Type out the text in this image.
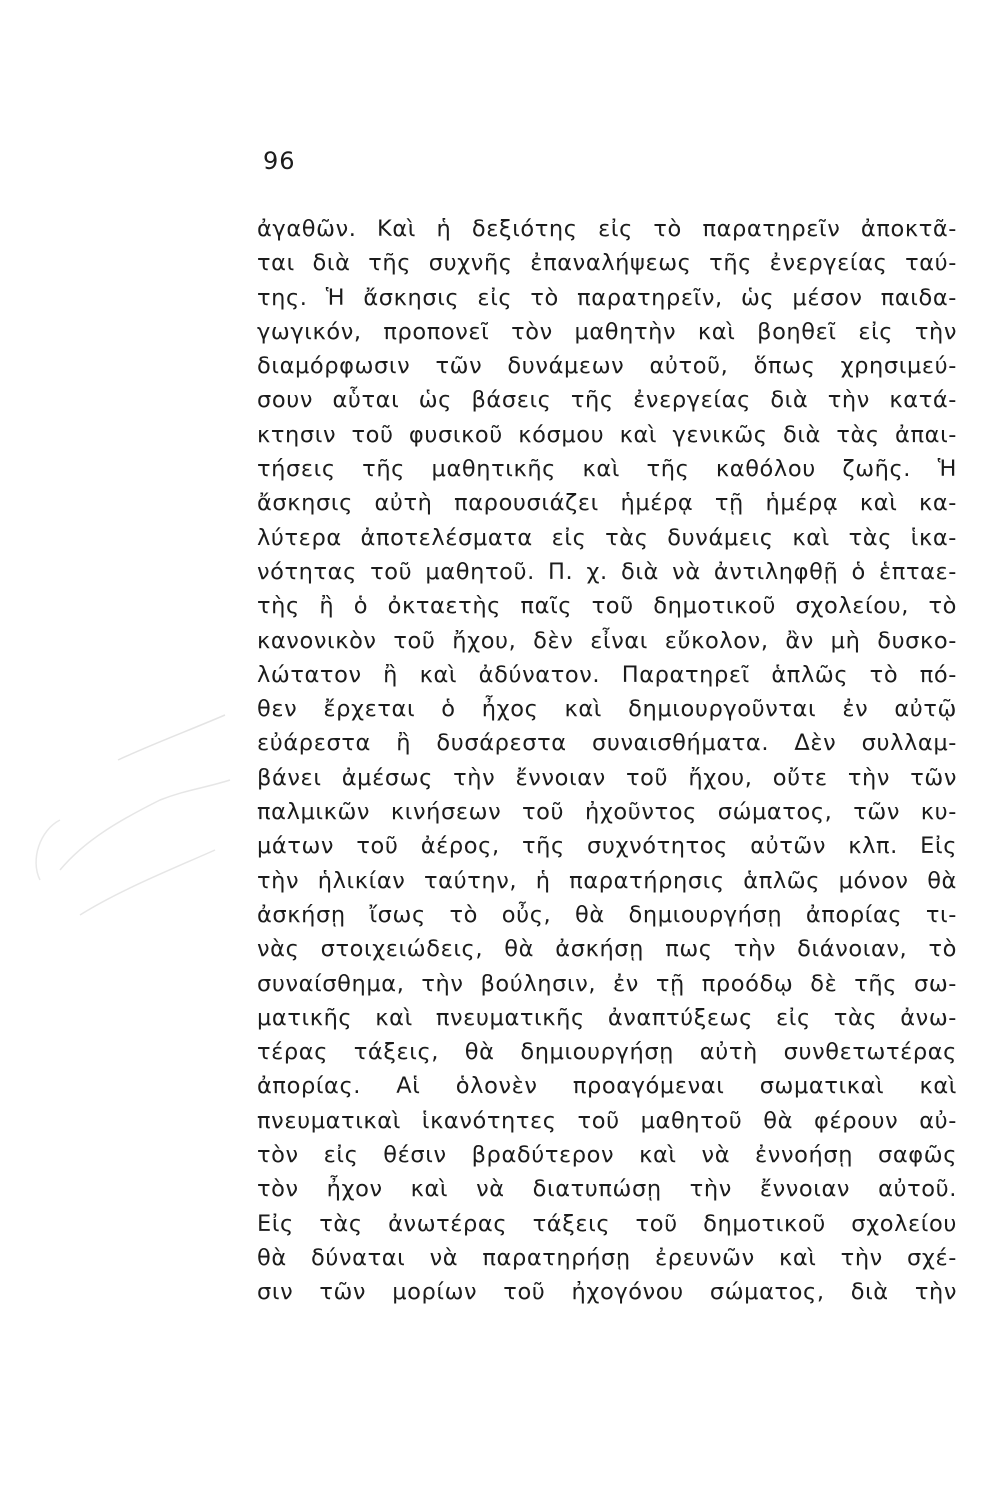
96
ἀγαθῶν. Καὶ ἡ δεξιότης εἰς τὸ παρατηρεῖν ἀποκτᾶ-
ται διὰ τῆς συχνῆς ἐπαναλήψεως τῆς ἐνεργείας ταύ-
της. Ἡ ἄσκησις εἰς τὸ παρατηρεῖν, ὡς μέσον παιδα-
γωγικόν, προπονεῖ τὸν μαθητὴν καὶ βοηθεῖ εἰς τὴν
διαμόρφωσιν τῶν δυνάμεων αὐτοῦ, ὅπως χρησιμεύ-
σουν αὗται ὡς βάσεις τῆς ἐνεργείας διὰ τὴν κατά-
κτησιν τοῦ φυσικοῦ κόσμου καὶ γενικῶς διὰ τὰς ἀπαι-
τήσεις τῆς μαθητικῆς καὶ τῆς καθόλου ζωῆς. Ἡ
ἄσκησις αὐτὴ παρουσιάζει ἡμέρᾳ τῇ ἡμέρᾳ καὶ κα-
λύτερα ἀποτελέσματα εἰς τὰς δυνάμεις καὶ τὰς ἱκα-
νότητας τοῦ μαθητοῦ. Π. χ. διὰ νὰ ἀντιληφθῇ ὁ ἑπταε-
τὴς ἢ ὁ ὀκταετὴς παῖς τοῦ δημοτικοῦ σχολείου, τὸ
κανονικὸν τοῦ ἤχου, δὲν εἶναι εὔκολον, ἂν μὴ δυσκο-
λώτατον ἢ καὶ ἀδύνατον. Παρατηρεῖ ἁπλῶς τὸ πό-
θεν ἔρχεται ὁ ἦχος καὶ δημιουργοῦνται ἐν αὐτῷ
εὐάρεστα ἢ δυσάρεστα συναισθήματα. Δὲν συλλαμ-
βάνει ἀμέσως τὴν ἔννοιαν τοῦ ἤχου, οὔτε τὴν τῶν
παλμικῶν κινήσεων τοῦ ἠχοῦντος σώματος, τῶν κυ-
μάτων τοῦ ἀέρος, τῆς συχνότητος αὐτῶν κλπ. Εἰς
τὴν ἡλικίαν ταύτην, ἡ παρατήρησις ἁπλῶς μόνον θὰ
ἀσκήσῃ ἴσως τὸ οὖς, θὰ δημιουργήσῃ ἀπορίας τι-
νὰς στοιχειώδεις, θὰ ἀσκήσῃ πως τὴν διάνοιαν, τὸ
συναίσθημα, τὴν βούλησιν, ἐν τῇ προόδῳ δὲ τῆς σω-
ματικῆς καὶ πνευματικῆς ἀναπτύξεως εἰς τὰς ἀνω-
τέρας τάξεις, θὰ δημιουργήσῃ αὐτὴ συνθετωτέρας
ἀπορίας. Αἱ ὁλονὲν προαγόμεναι σωματικαὶ καὶ
πνευματικαὶ ἱκανότητες τοῦ μαθητοῦ θὰ φέρουν αὐ-
τὸν εἰς θέσιν βραδύτερον καὶ νὰ ἐννοήσῃ σαφῶς
τὸν ἦχον καὶ νὰ διατυπώσῃ τὴν ἔννοιαν αὐτοῦ.
Εἰς τὰς ἀνωτέρας τάξεις τοῦ δημοτικοῦ σχολείου
θὰ δύναται νὰ παρατηρήσῃ ἐρευνῶν καὶ τὴν σχέ-
σιν τῶν μορίων τοῦ ἠχογόνου σώματος, διὰ τὴν
